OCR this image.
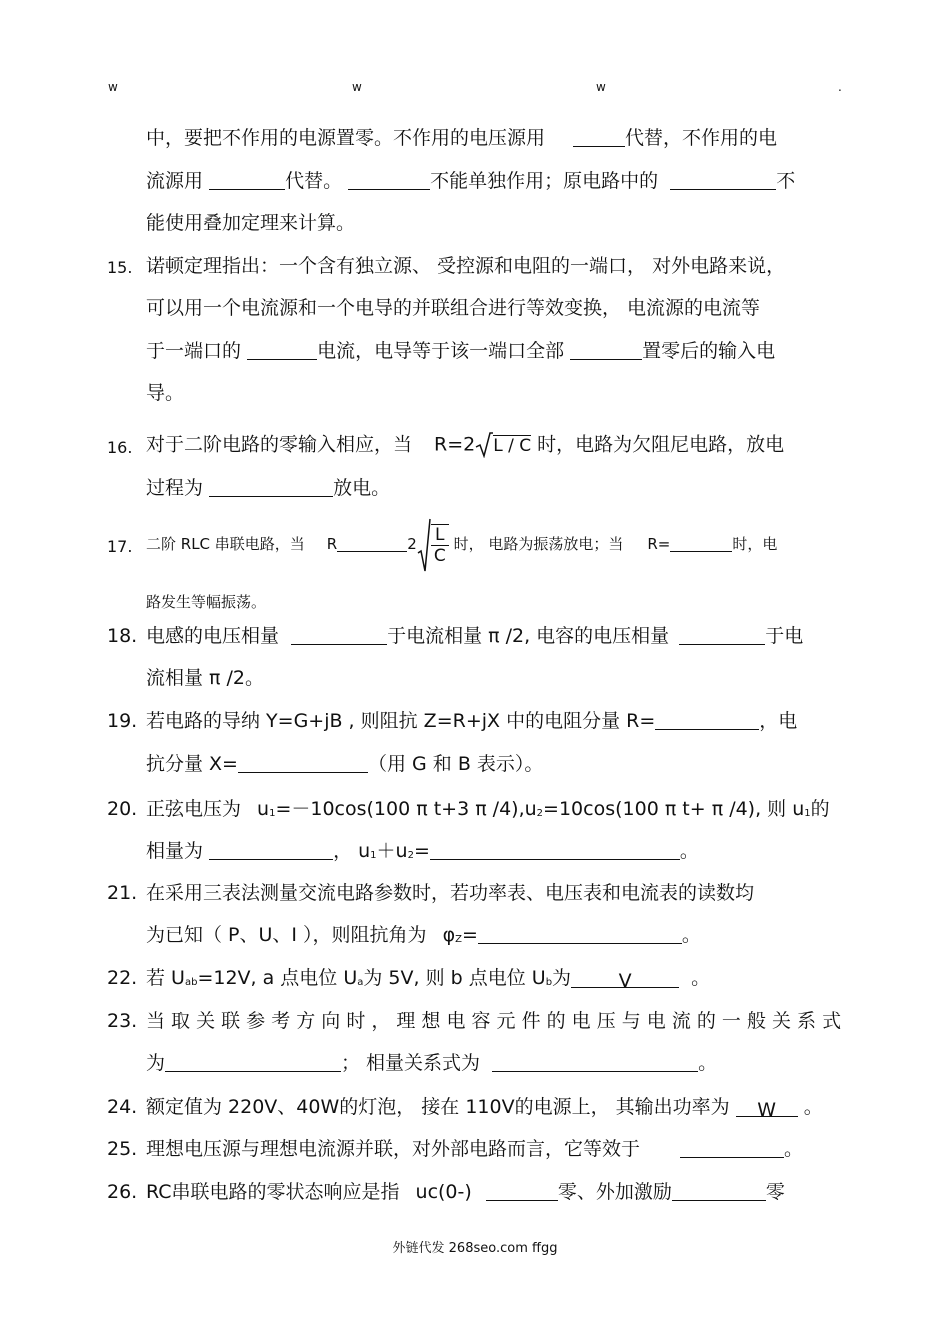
w	w	w	.
中，要把不作用的电源置零。不作用的电压源用	代替，不作用的电
流源用	代替。	不能单独作用；原电路中的	不
能使用叠加定理来计算。
15. 诺顿定理指出：一个含有独立源、 受控源和电阻的一端口， 对外电路来说，
可以用一个电流源和一个电导的并联组合进行等效变换， 电流源的电流等
于一端口的	电流，电导等于该一端口全部	置零后的输入电
导。
16. 对于二阶电路的零输入相应，当 R=2 L / C 时，电路为欠阻尼电路，放电
过程为	放电。
17. 二阶 RLC 串联电路，当 R	$2 \frac{L}{C}$ 时， 电路为振荡放电；当 R=	时，电
路发生等幅振荡。
18. 电感的电压相量	于电流相量 π /2, 电容的电压相量	于电
流相量 π /2。
19. 若电路的导纳 Y=G+jB , 则阻抗 Z=R+jX 中的电阻分量 R=	，电
抗分量 X=	（用 G 和 B 表示）。
20. 正弦电压为 u1=－10cos(100 π t+3 π /4),u2=10cos(100 π t+ π /4), 则 u1的
相量为	， u1＋u2=	。
21. 在采用三表法测量交流电路参数时，若功率表、电压表和电流表的读数均
为已知（ P、U、I ），则阻抗角为 φZ=	。
22. 若 Uab=12V, a 点电位 Ua为 5V, 则 b 点电位 Ub为	V	。
23. 当 取 关 联 参 考 方 向 时 ， 理 想 电 容 元 件 的 电 压 与 电 流 的 一 般 关 系 式
为	； 相量关系式为	。
24. 额定值为 220V、40W的灯泡， 接在 110V的电源上， 其输出功率为 W 。
25. 理想电压源与理想电流源并联，对外部电路而言，它等效于	。
26. RC串联电路的零状态响应是指 uc(0-)	零、外加激励	零
外链代发 268seo.com ffgg
